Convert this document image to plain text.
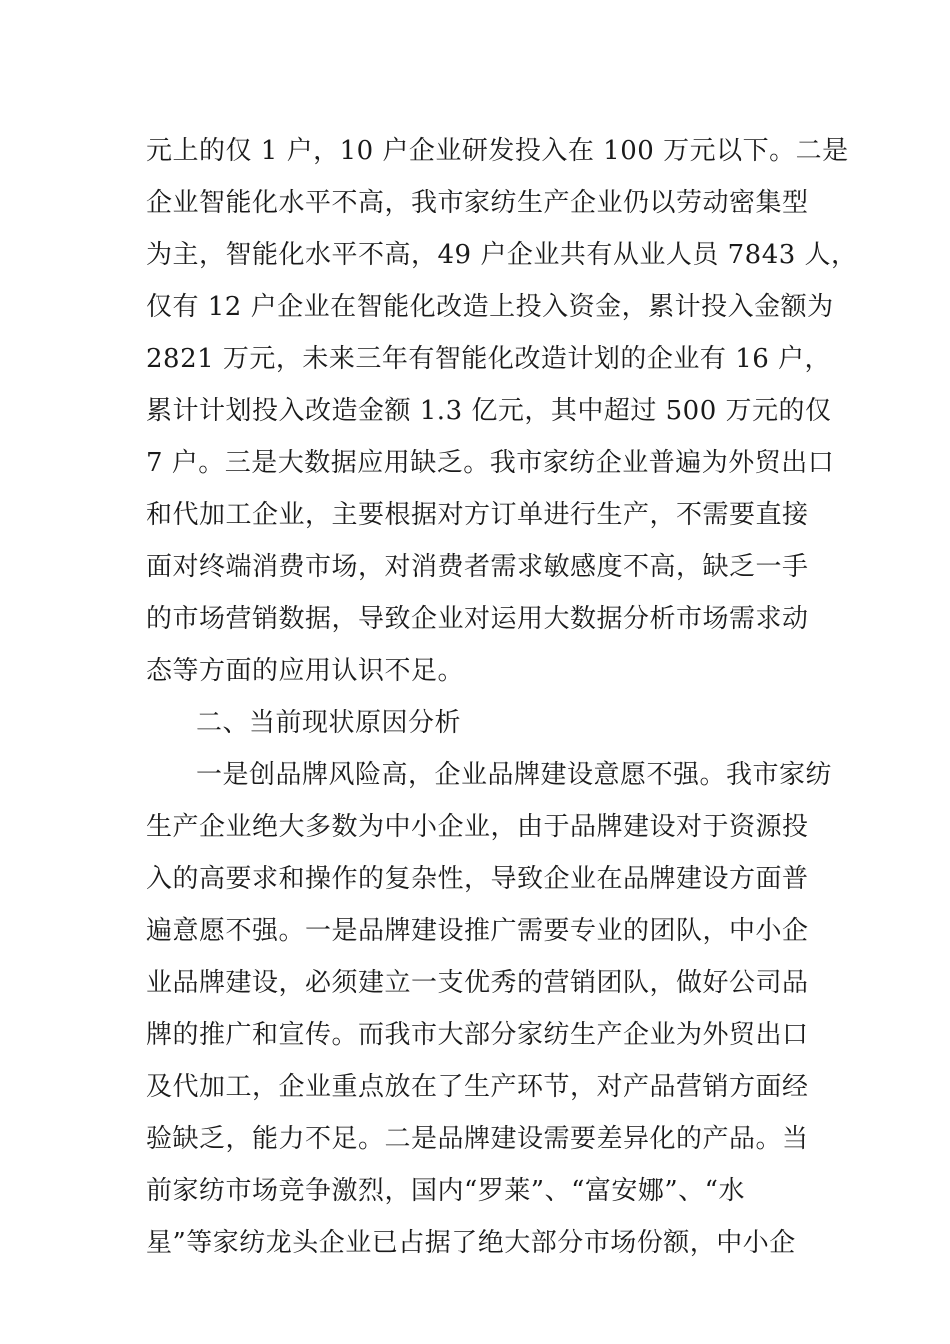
元上的仅 1 户，10 户企业研发投入在 100 万元以下。二是
企业智能化水平不高，我市家纺生产企业仍以劳动密集型
为主，智能化水平不高，49 户企业共有从业人员 7843 人，
仅有 12 户企业在智能化改造上投入资金，累计投入金额为
2821 万元，未来三年有智能化改造计划的企业有 16 户，
累计计划投入改造金额 1.3 亿元，其中超过 500 万元的仅
7 户。三是大数据应用缺乏。我市家纺企业普遍为外贸出口
和代加工企业，主要根据对方订单进行生产，不需要直接
面对终端消费市场，对消费者需求敏感度不高，缺乏一手
的市场营销数据，导致企业对运用大数据分析市场需求动
态等方面的应用认识不足。
二、当前现状原因分析
一是创品牌风险高，企业品牌建设意愿不强。我市家纺
生产企业绝大多数为中小企业，由于品牌建设对于资源投
入的高要求和操作的复杂性，导致企业在品牌建设方面普
遍意愿不强。一是品牌建设推广需要专业的团队，中小企
业品牌建设，必须建立一支优秀的营销团队，做好公司品
牌的推广和宣传。而我市大部分家纺生产企业为外贸出口
及代加工，企业重点放在了生产环节，对产品营销方面经
验缺乏，能力不足。二是品牌建设需要差异化的产品。当
前家纺市场竞争激烈，国内“罗莱”、“富安娜”、“水
星”等家纺龙头企业已占据了绝大部分市场份额，中小企
